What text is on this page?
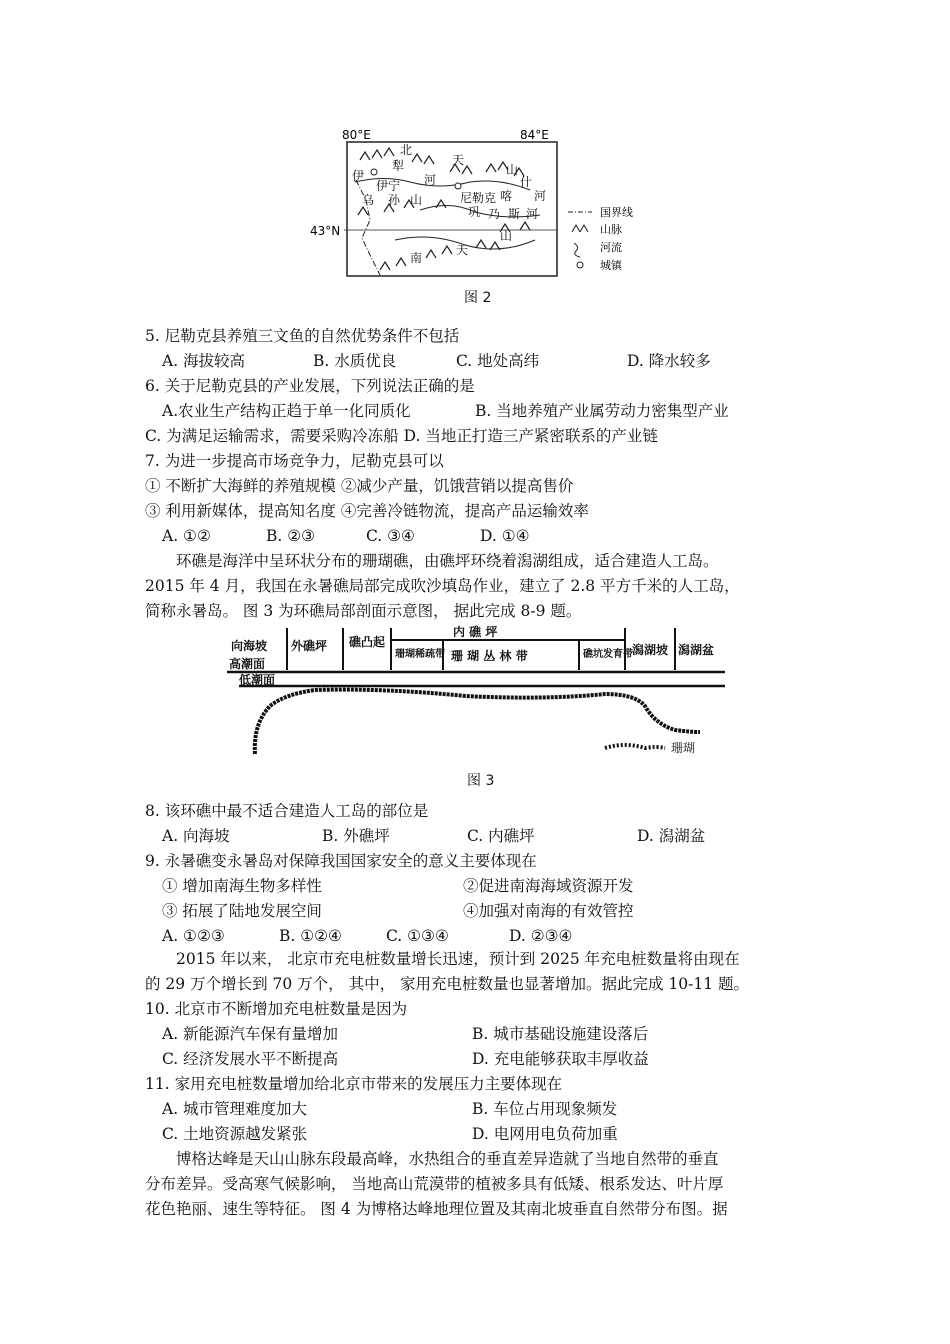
80°E	84°E
43°N
北
天
山
伊
犁
河
伊宁
尼勒克 喀
什
河
乌 孙 山
巩 乃 斯 河
南
天
山
国界线
山脉
河流
城镇
图 2
5. 尼勒克县养殖三文鱼的自然优势条件不包括
A. 海拔较高	B. 水质优良	C. 地处高纬	D. 降水较多
6. 关于尼勒克县的产业发展，下列说法正确的是
A.农业生产结构正趋于单一化同质化	B. 当地养殖产业属劳动力密集型产业
C. 为满足运输需求，需要采购冷冻船 D. 当地正打造三产紧密联系的产业链
7. 为进一步提高市场竞争力，尼勒克县可以
① 不断扩大海鲜的养殖规模 ②减少产量，饥饿营销以提高售价
③ 利用新媒体，提高知名度 ④完善冷链物流，提高产品运输效率
A. ①②	B. ②③	C. ③④	D. ①④
环礁是海洋中呈环状分布的珊瑚礁，由礁坪环绕着潟湖组成，适合建造人工岛。
2015 年 4 月，我国在永暑礁局部完成吹沙填岛作业，建立了 2.8 平方千米的人工岛，
简称永暑岛。 图 3 为环礁局部剖面示意图， 据此完成 8-9 题。
内 礁 坪
向海坡 外礁坪 礁凸起
珊瑚稀疏带 珊 瑚 丛 林 带	礁坑发育带 潟湖坡 潟湖盆
高潮面
低潮面
珊瑚
图 3
8. 该环礁中最不适合建造人工岛的部位是
A. 向海坡	B. 外礁坪	C. 内礁坪	D. 潟湖盆
9. 永暑礁变永暑岛对保障我国国家安全的意义主要体现在
① 增加南海生物多样性	②促进南海海域资源开发
③ 拓展了陆地发展空间	④加强对南海的有效管控
A. ①②③	B. ①②④	C. ①③④	D. ②③④
2015 年以来， 北京市充电桩数量增长迅速，预计到 2025 年充电桩数量将由现在
的 29 万个增长到 70 万个， 其中， 家用充电桩数量也显著增加。据此完成 10-11 题。
10. 北京市不断增加充电桩数量是因为
A. 新能源汽车保有量增加	B. 城市基础设施建设落后
C. 经济发展水平不断提高	D. 充电能够获取丰厚收益
11. 家用充电桩数量增加给北京市带来的发展压力主要体现在
A. 城市管理难度加大	B. 车位占用现象频发
C. 土地资源越发紧张	D. 电网用电负荷加重
博格达峰是天山山脉东段最高峰，水热组合的垂直差异造就了当地自然带的垂直
分布差异。受高寒气候影响， 当地高山荒漠带的植被多具有低矮、根系发达、叶片厚
花色艳丽、速生等特征。 图 4 为博格达峰地理位置及其南北坡垂直自然带分布图。据
